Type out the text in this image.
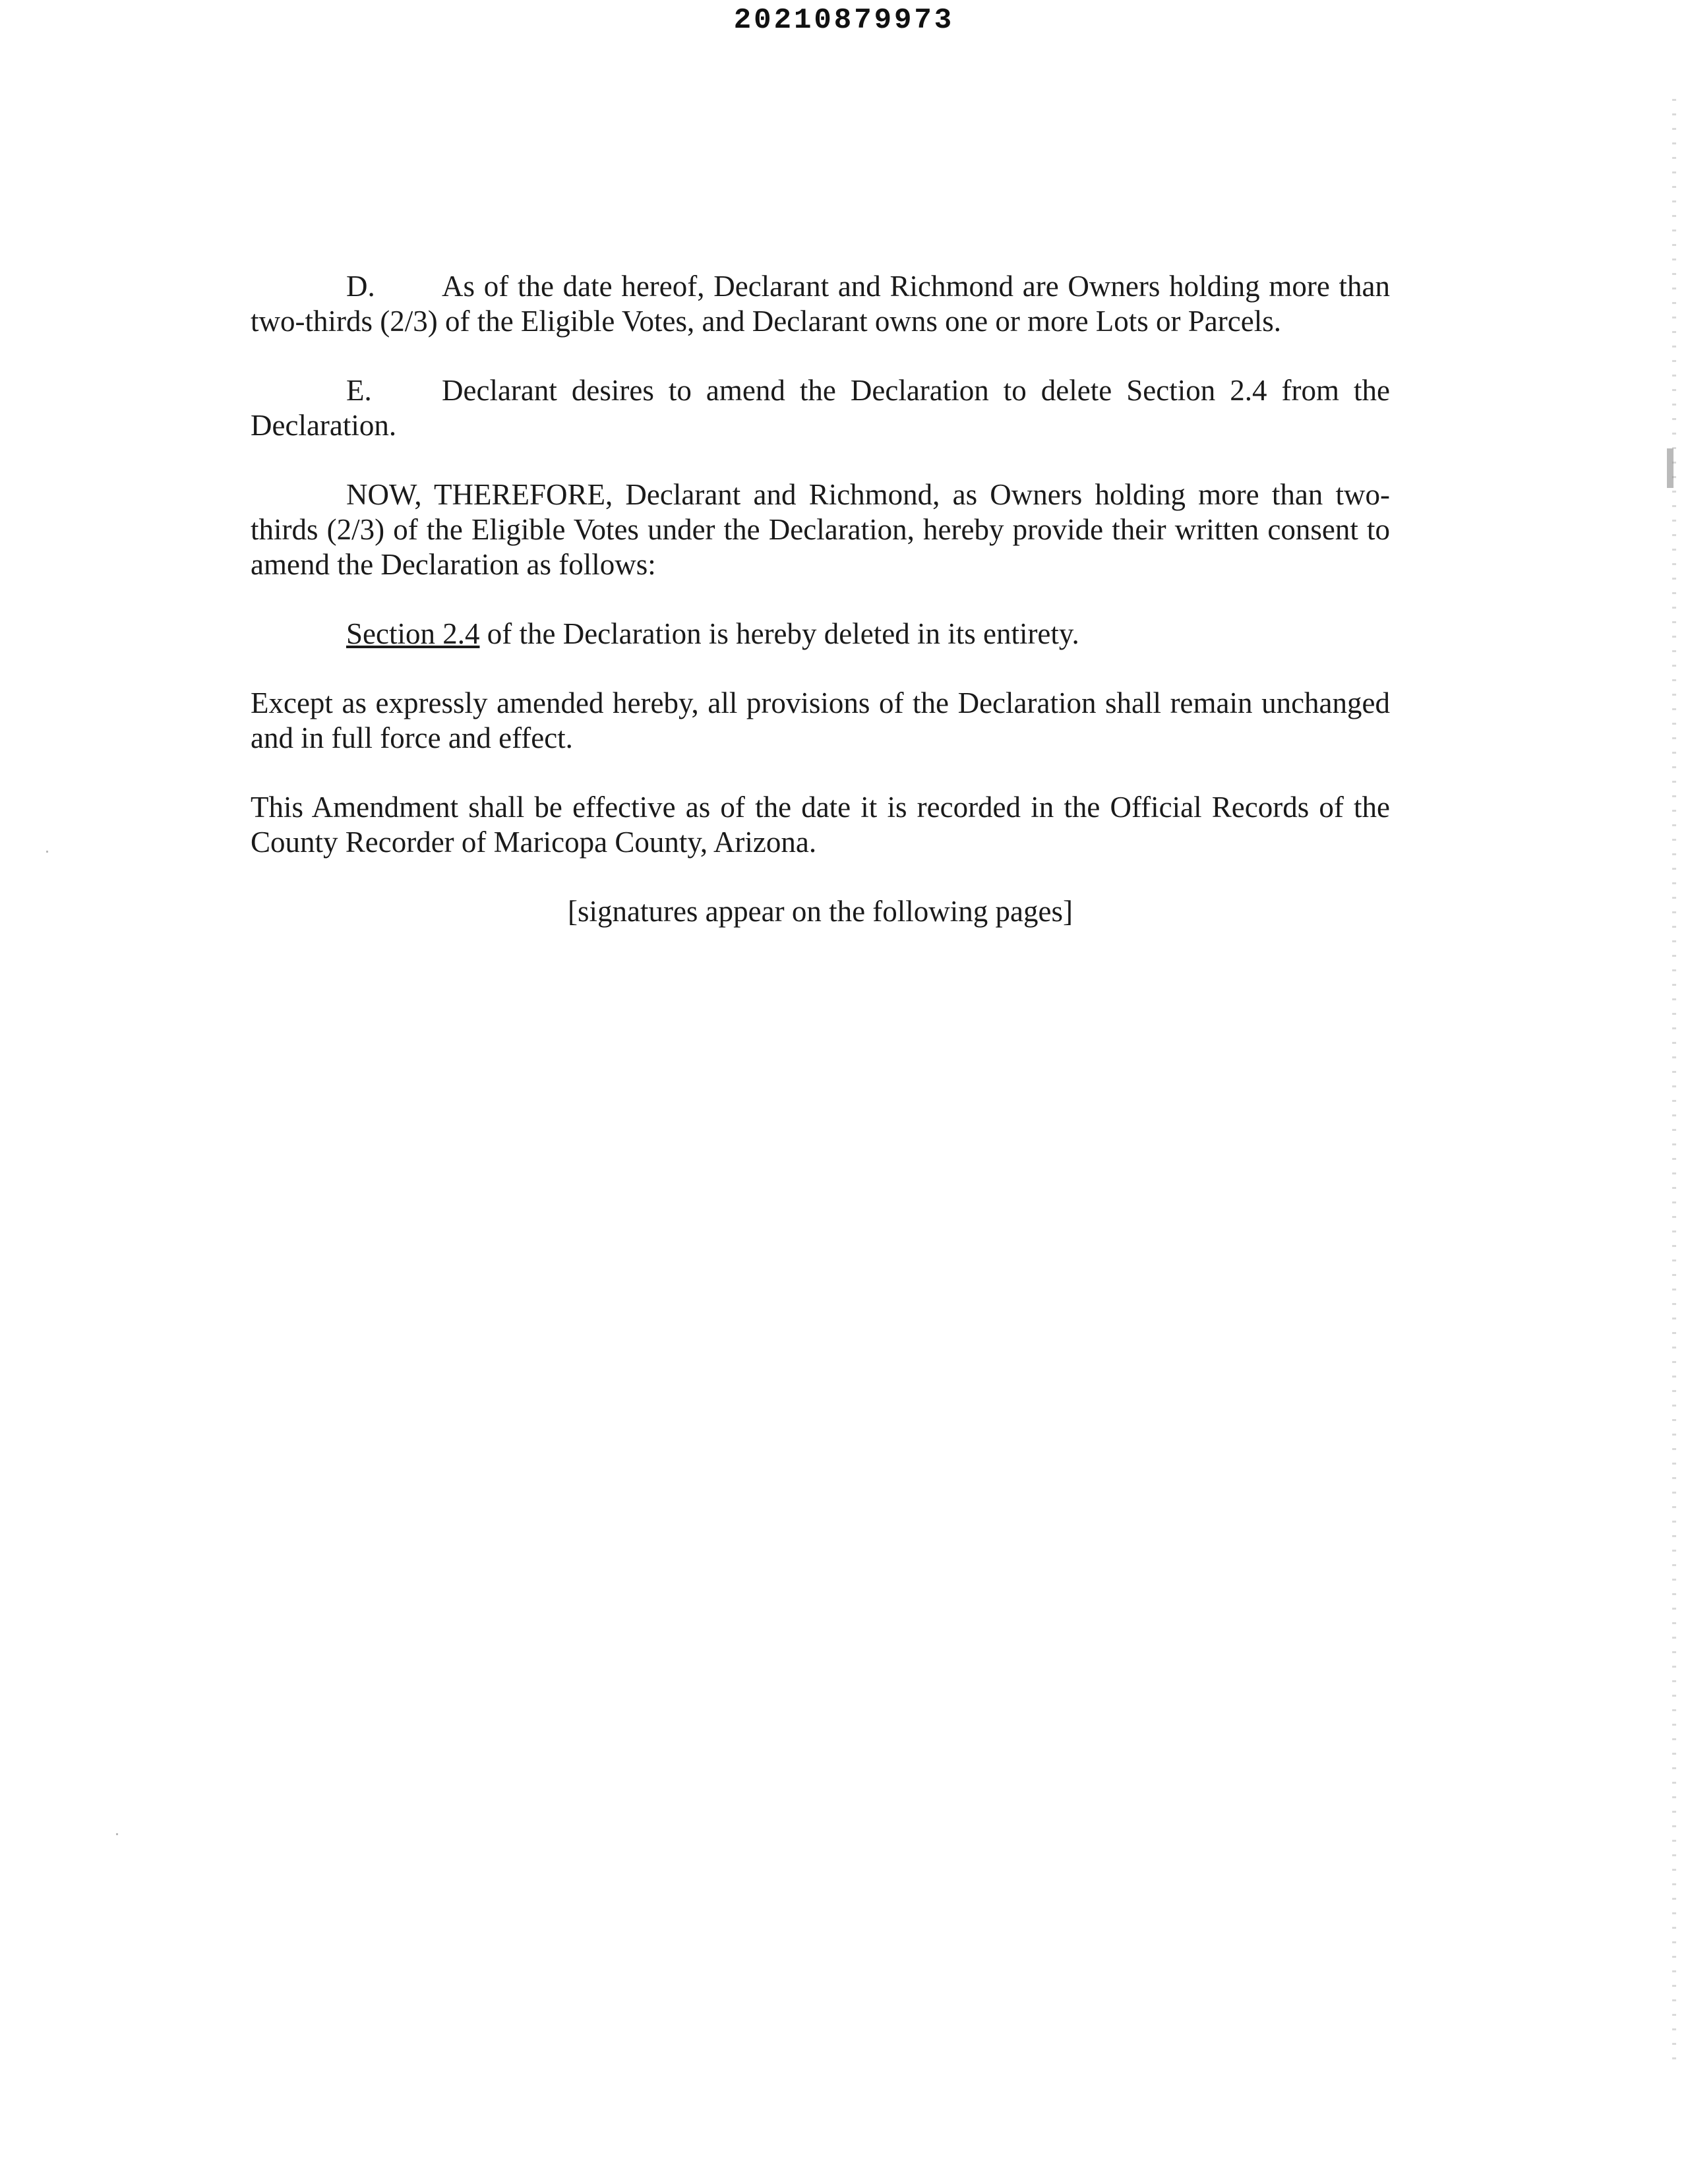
20210879973

D. As of the date hereof, Declarant and Richmond are Owners holding more than two-thirds (2/3) of the Eligible Votes, and Declarant owns one or more Lots or Parcels.

E. Declarant desires to amend the Declaration to delete Section 2.4 from the Declaration.

NOW, THEREFORE, Declarant and Richmond, as Owners holding more than two-thirds (2/3) of the Eligible Votes under the Declaration, hereby provide their written consent to amend the Declaration as follows:

Section 2.4 of the Declaration is hereby deleted in its entirety.

Except as expressly amended hereby, all provisions of the Declaration shall remain unchanged and in full force and effect.

This Amendment shall be effective as of the date it is recorded in the Official Records of the County Recorder of Maricopa County, Arizona.

[signatures appear on the following pages]
